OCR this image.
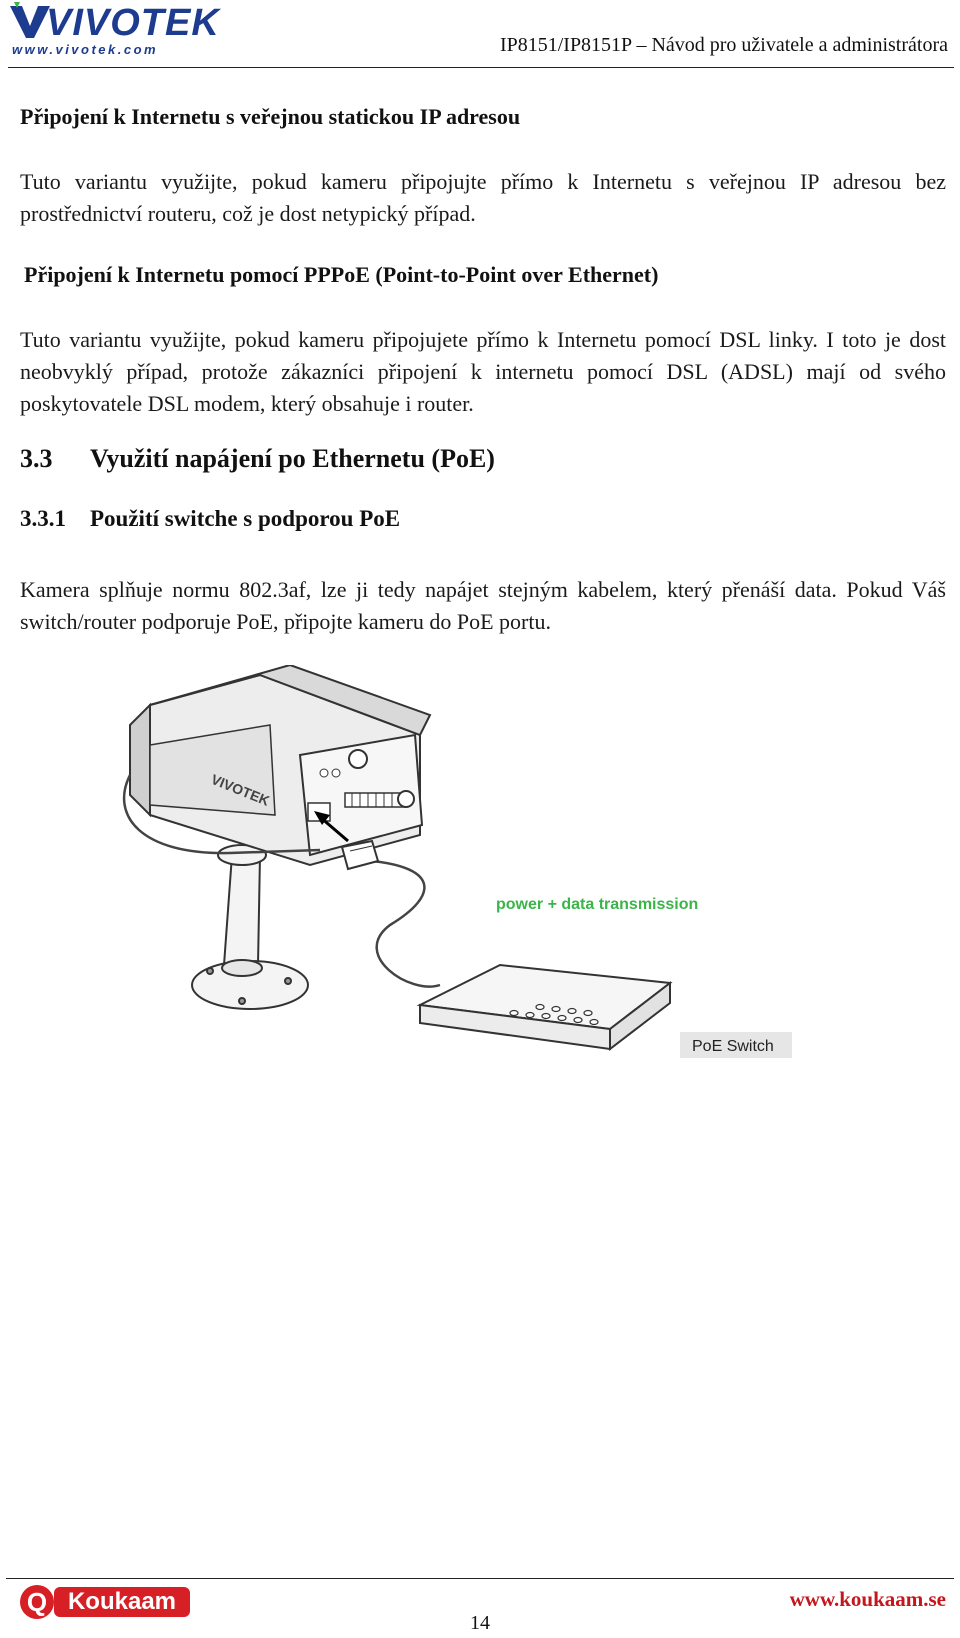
VIVOTEK
www.vivotek.com	IP8151/IP8151P – Návod pro uživatele a administrátora
Připojení k Internetu s veřejnou statickou IP adresou
Tuto variantu využijte, pokud kameru připojujte přímo k Internetu s veřejnou IP adresou bez prostřednictví routeru, což je dost netypický případ.
Připojení k Internetu pomocí PPPoE (Point-to-Point over Ethernet)
Tuto variantu využijte, pokud kameru připojujete přímo k Internetu pomocí DSL linky. I toto je dost neobvyklý případ, protože zákazníci připojení k internetu pomocí DSL (ADSL) mají od svého poskytovatele DSL modem, který obsahuje i router.
3.3 Využití napájení po Ethernetu (PoE)
3.3.1 Použití switche s podporou PoE
Kamera splňuje normu 802.3af, lze ji tedy napájet stejným kabelem, který přenáší data. Pokud Váš switch/router podporuje PoE, připojte kameru do PoE portu.
VIVOTEK
power + data transmission
PoE Switch
Q Koukaam	www.koukaam.se
14
